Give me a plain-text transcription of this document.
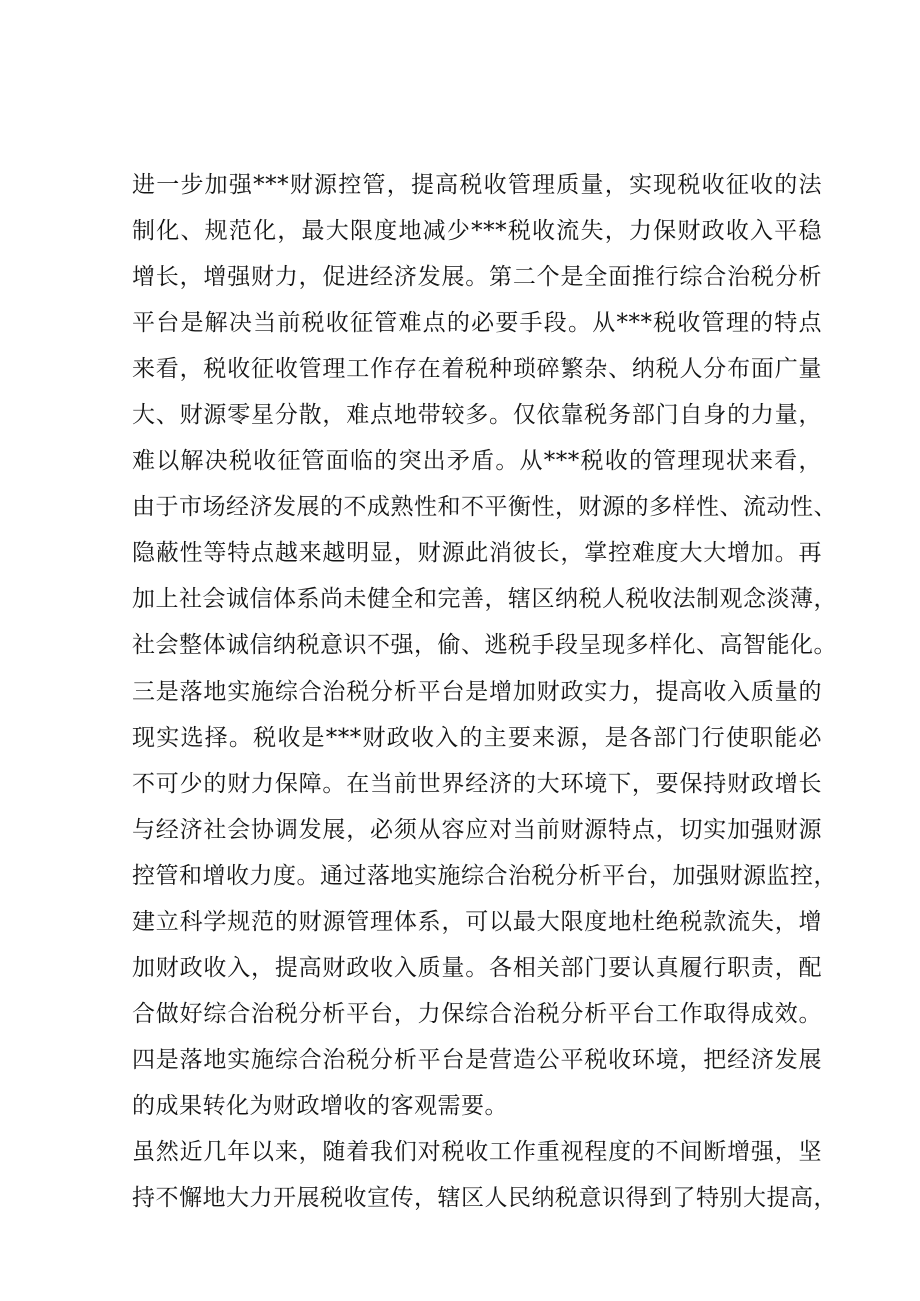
进一步加强***财源控管，提高税收管理质量，实现税收征收的法
制化、规范化，最大限度地减少***税收流失，力保财政收入平稳
增长，增强财力，促进经济发展。第二个是全面推行综合治税分析
平台是解决当前税收征管难点的必要手段。从***税收管理的特点
来看，税收征收管理工作存在着税种琐碎繁杂、纳税人分布面广量
大、财源零星分散，难点地带较多。仅依靠税务部门自身的力量，
难以解决税收征管面临的突出矛盾。从***税收的管理现状来看，
由于市场经济发展的不成熟性和不平衡性，财源的多样性、流动性、
隐蔽性等特点越来越明显，财源此消彼长，掌控难度大大增加。再
加上社会诚信体系尚未健全和完善，辖区纳税人税收法制观念淡薄，
社会整体诚信纳税意识不强，偷、逃税手段呈现多样化、高智能化。
三是落地实施综合治税分析平台是增加财政实力，提高收入质量的
现实选择。税收是***财政收入的主要来源，是各部门行使职能必
不可少的财力保障。在当前世界经济的大环境下，要保持财政增长
与经济社会协调发展，必须从容应对当前财源特点，切实加强财源
控管和增收力度。通过落地实施综合治税分析平台，加强财源监控，
建立科学规范的财源管理体系，可以最大限度地杜绝税款流失，增
加财政收入，提高财政收入质量。各相关部门要认真履行职责，配
合做好综合治税分析平台，力保综合治税分析平台工作取得成效。
四是落地实施综合治税分析平台是营造公平税收环境，把经济发展
的成果转化为财政增收的客观需要。
虽然近几年以来，随着我们对税收工作重视程度的不间断增强，坚
持不懈地大力开展税收宣传，辖区人民纳税意识得到了特别大提高，
